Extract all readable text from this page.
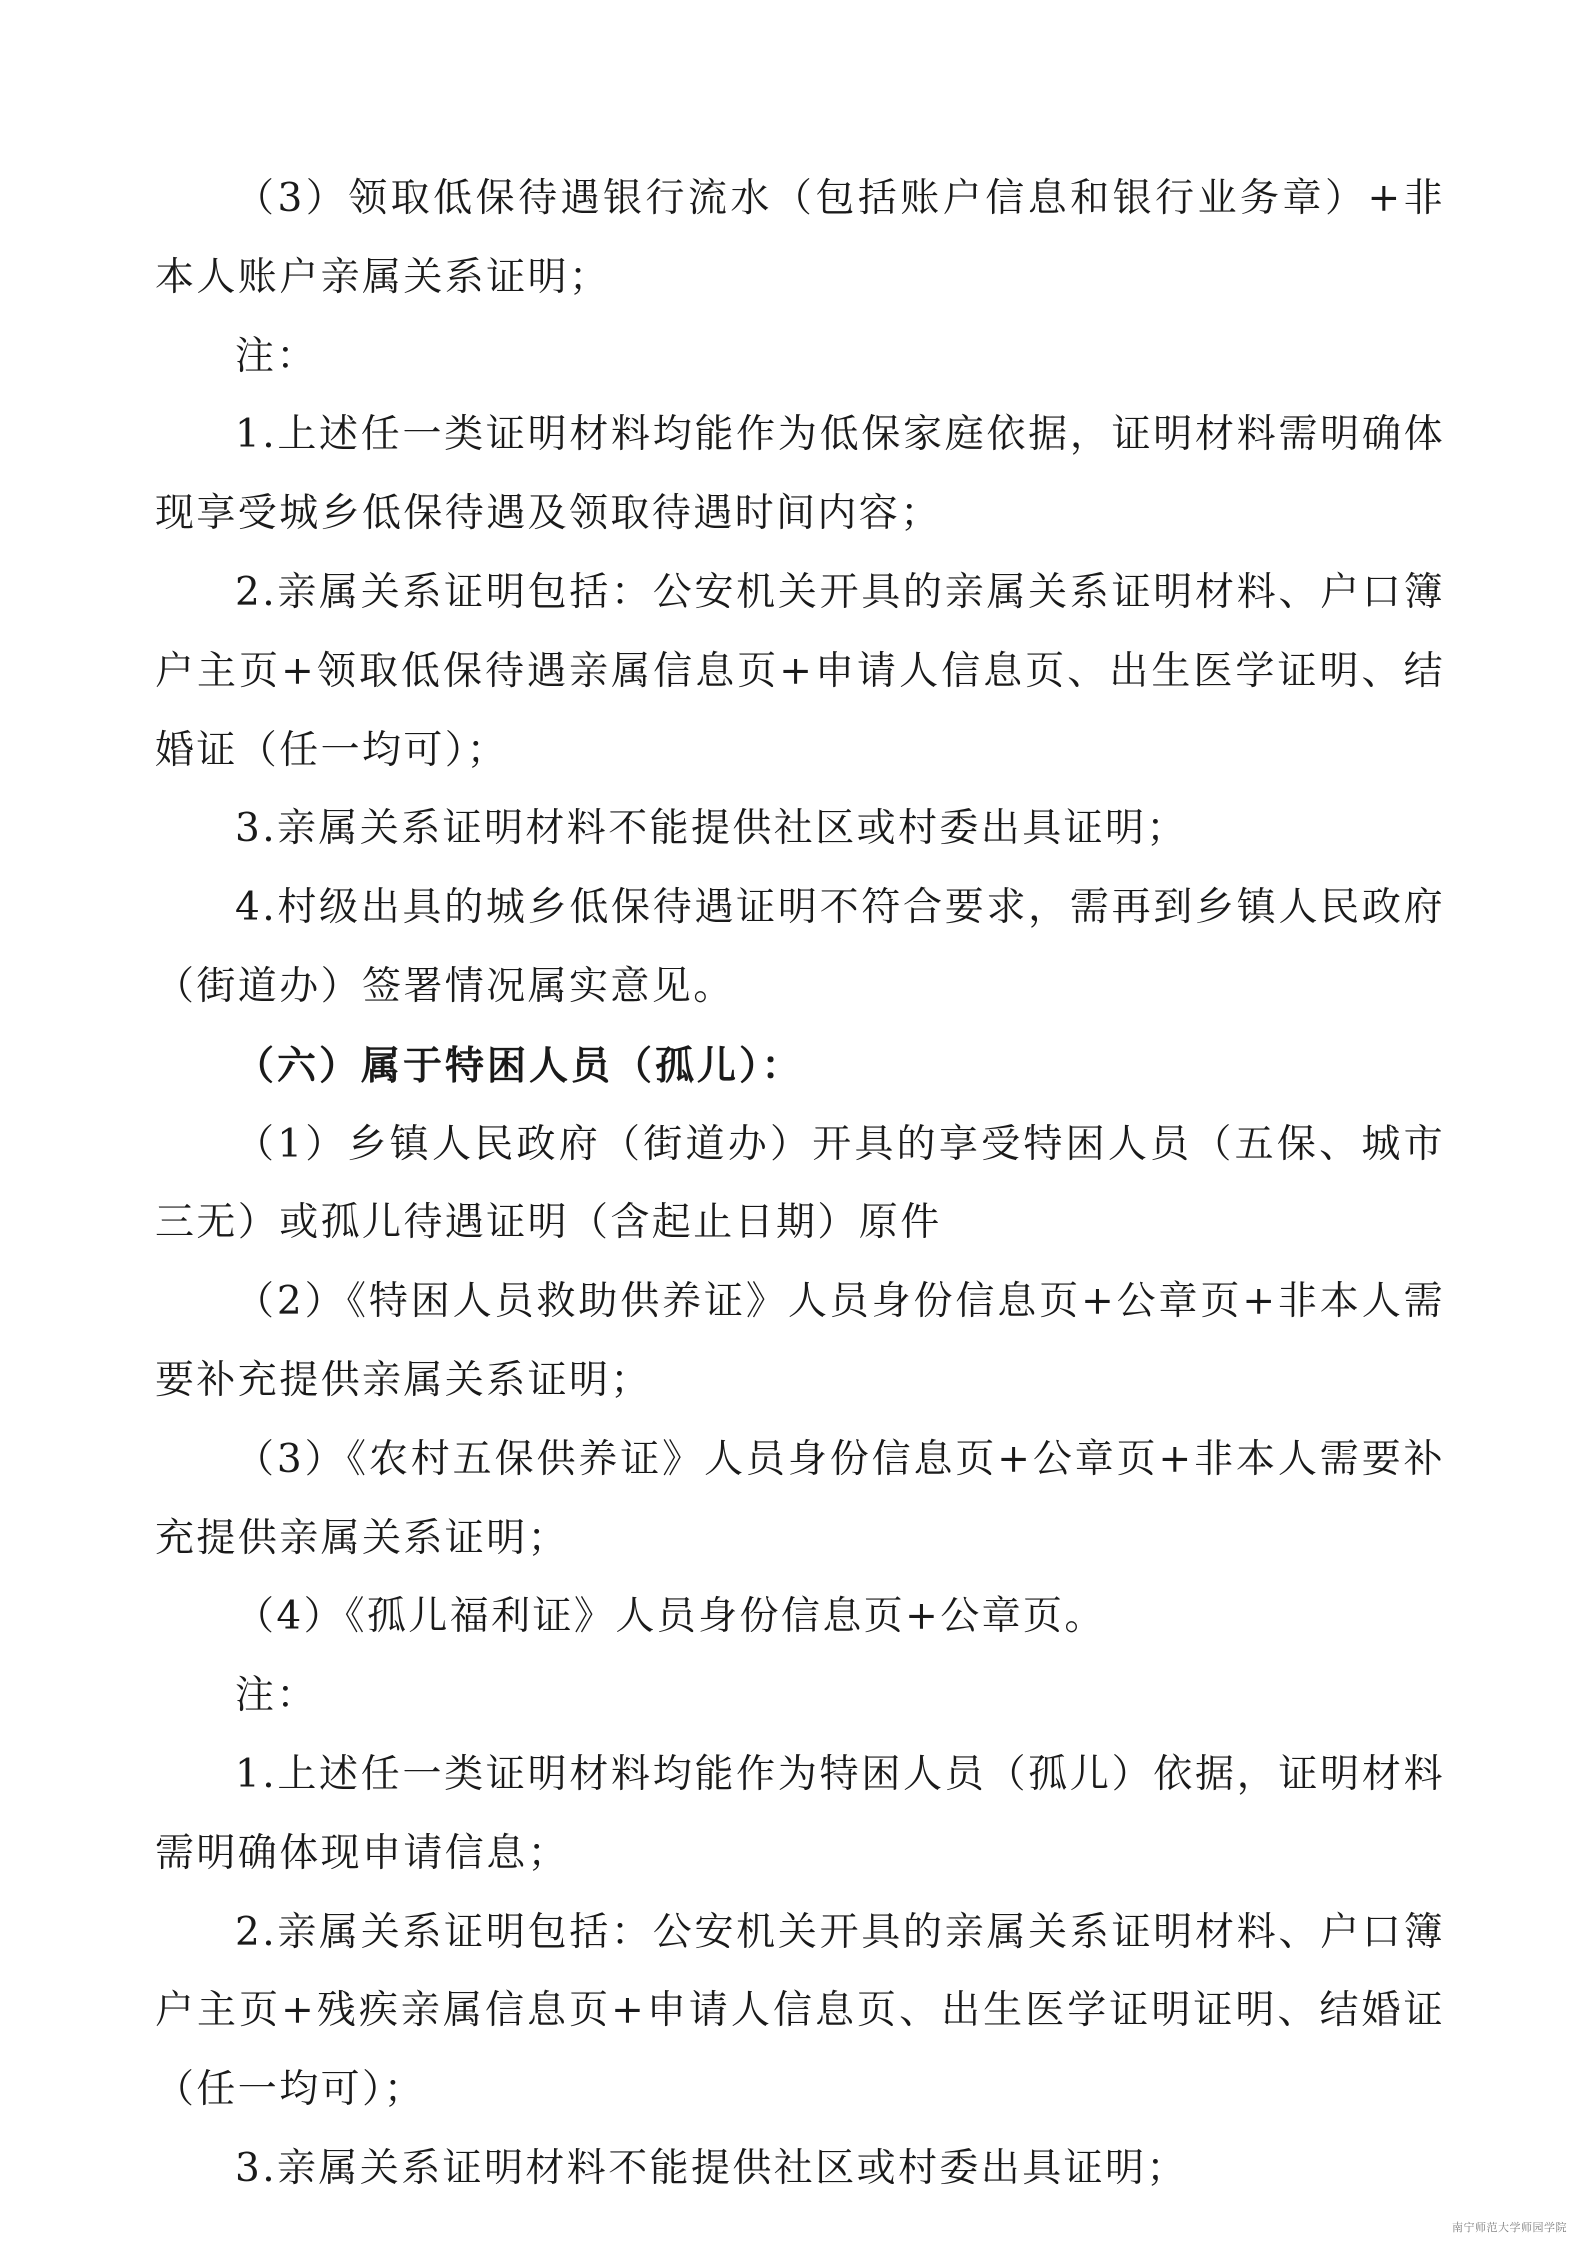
（3）领取低保待遇银行流水（包括账户信息和银行业务章）+非本人账户亲属关系证明；

注：

1.上述任一类证明材料均能作为低保家庭依据，证明材料需明确体现享受城乡低保待遇及领取待遇时间内容；

2.亲属关系证明包括：公安机关开具的亲属关系证明材料、户口簿户主页+领取低保待遇亲属信息页+申请人信息页、出生医学证明、结婚证（任一均可）；

3.亲属关系证明材料不能提供社区或村委出具证明；

4.村级出具的城乡低保待遇证明不符合要求，需再到乡镇人民政府（街道办）签署情况属实意见。

（六）属于特困人员（孤儿）：

（1）乡镇人民政府（街道办）开具的享受特困人员（五保、城市三无）或孤儿待遇证明（含起止日期）原件

（2）《特困人员救助供养证》人员身份信息页+公章页+非本人需要补充提供亲属关系证明；

（3）《农村五保供养证》人员身份信息页+公章页+非本人需要补充提供亲属关系证明；

（4）《孤儿福利证》人员身份信息页+公章页。

注：

1.上述任一类证明材料均能作为特困人员（孤儿）依据，证明材料需明确体现申请信息；

2.亲属关系证明包括：公安机关开具的亲属关系证明材料、户口簿户主页+残疾亲属信息页+申请人信息页、出生医学证明证明、结婚证（任一均可）；

3.亲属关系证明材料不能提供社区或村委出具证明；

南宁师范大学师园学院
